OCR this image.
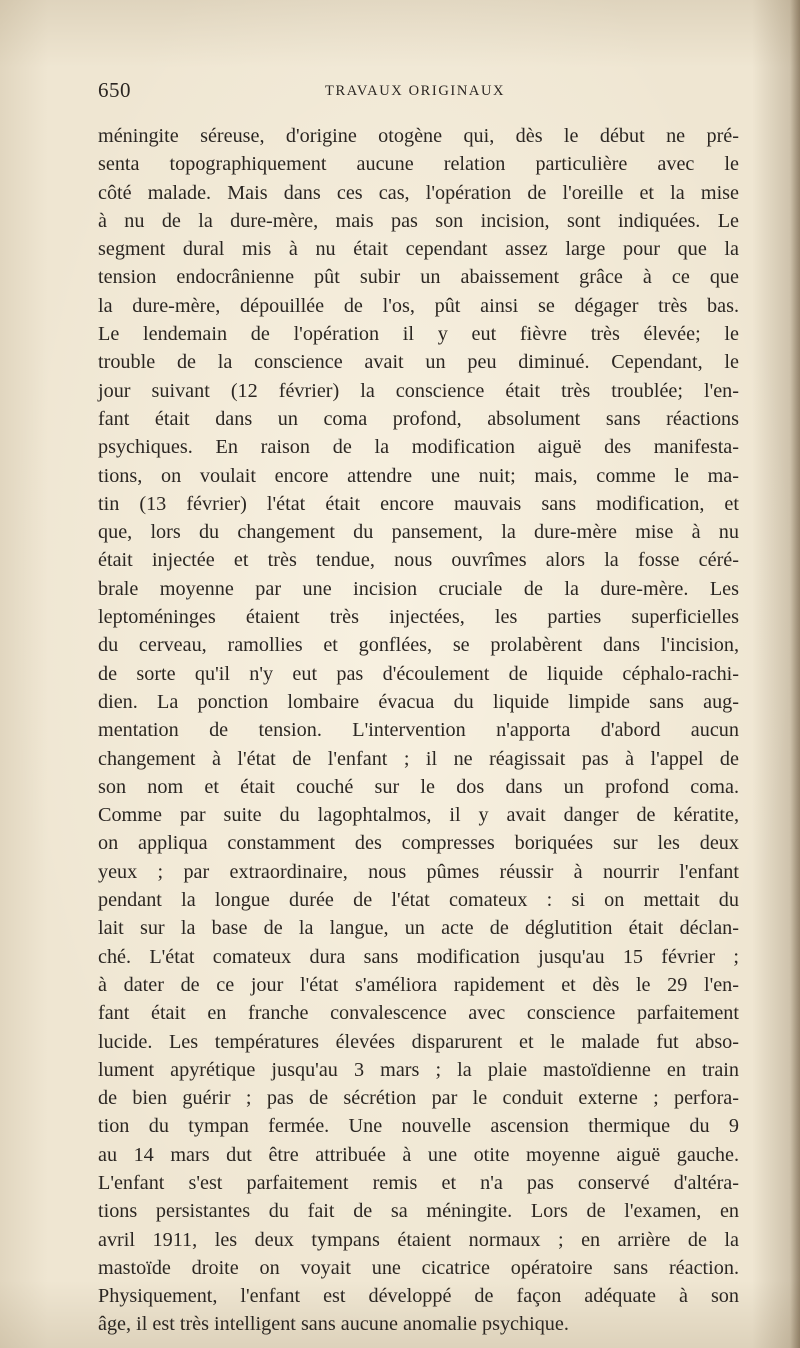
650	TRAVAUX ORIGINAUX
méningite séreuse, d'origine otogène qui, dès le début ne pré-
senta topographiquement aucune relation particulière avec le
côté malade. Mais dans ces cas, l'opération de l'oreille et la mise
à nu de la dure-mère, mais pas son incision, sont indiquées. Le
segment dural mis à nu était cependant assez large pour que la
tension endocrânienne pût subir un abaissement grâce à ce que
la dure-mère, dépouillée de l'os, pût ainsi se dégager très bas.
Le lendemain de l'opération il y eut fièvre très élevée; le
trouble de la conscience avait un peu diminué. Cependant, le
jour suivant (12 février) la conscience était très troublée; l'en-
fant était dans un coma profond, absolument sans réactions
psychiques. En raison de la modification aiguë des manifesta-
tions, on voulait encore attendre une nuit; mais, comme le ma-
tin (13 février) l'état était encore mauvais sans modification, et
que, lors du changement du pansement, la dure-mère mise à nu
était injectée et très tendue, nous ouvrîmes alors la fosse céré-
brale moyenne par une incision cruciale de la dure-mère. Les
leptoméninges étaient très injectées, les parties superficielles
du cerveau, ramollies et gonflées, se prolabèrent dans l'incision,
de sorte qu'il n'y eut pas d'écoulement de liquide céphalo-rachi-
dien. La ponction lombaire évacua du liquide limpide sans aug-
mentation de tension. L'intervention n'apporta d'abord aucun
changement à l'état de l'enfant ; il ne réagissait pas à l'appel de
son nom et était couché sur le dos dans un profond coma.
Comme par suite du lagophtalmos, il y avait danger de kératite,
on appliqua constamment des compresses boriquées sur les deux
yeux ; par extraordinaire, nous pûmes réussir à nourrir l'enfant
pendant la longue durée de l'état comateux : si on mettait du
lait sur la base de la langue, un acte de déglutition était déclan-
ché. L'état comateux dura sans modification jusqu'au 15 février ;
à dater de ce jour l'état s'améliora rapidement et dès le 29 l'en-
fant était en franche convalescence avec conscience parfaitement
lucide. Les températures élevées disparurent et le malade fut abso-
lument apyrétique jusqu'au 3 mars ; la plaie mastoïdienne en train
de bien guérir ; pas de sécrétion par le conduit externe ; perfora-
tion du tympan fermée. Une nouvelle ascension thermique du 9
au 14 mars dut être attribuée à une otite moyenne aiguë gauche.
L'enfant s'est parfaitement remis et n'a pas conservé d'altéra-
tions persistantes du fait de sa méningite. Lors de l'examen, en
avril 1911, les deux tympans étaient normaux ; en arrière de la
mastoïde droite on voyait une cicatrice opératoire sans réaction.
Physiquement, l'enfant est développé de façon adéquate à son
âge, il est très intelligent sans aucune anomalie psychique.
